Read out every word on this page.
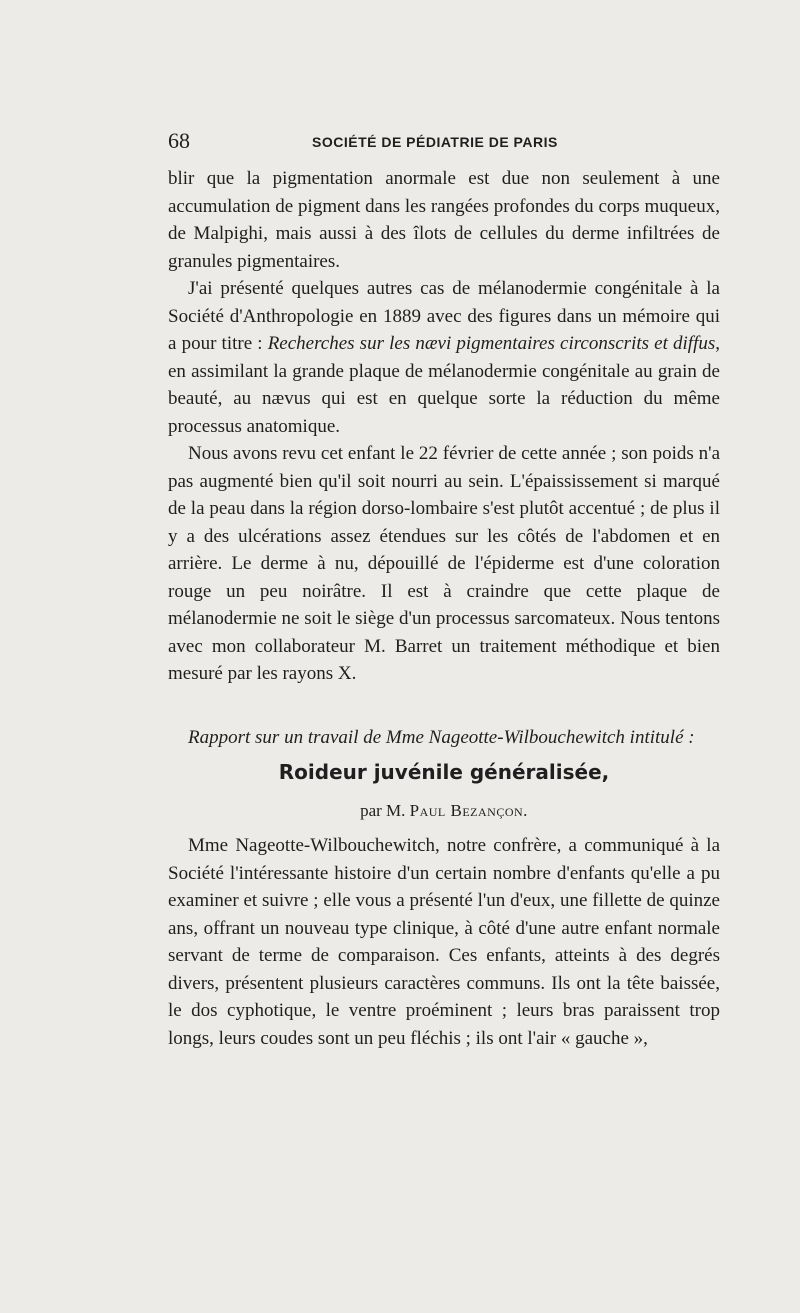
68	SOCIÉTÉ DE PÉDIATRIE DE PARIS

blir que la pigmentation anormale est due non seulement à une accumulation de pigment dans les rangées profondes du corps muqueux, de Malpighi, mais aussi à des îlots de cellules du derme infiltrées de granules pigmentaires.

J'ai présenté quelques autres cas de mélanodermie congénitale à la Société d'Anthropologie en 1889 avec des figures dans un mémoire qui a pour titre : Recherches sur les nævi pigmentaires circonscrits et diffus, en assimilant la grande plaque de mélanodermie congénitale au grain de beauté, au nævus qui est en quelque sorte la réduction du même processus anatomique.

Nous avons revu cet enfant le 22 février de cette année ; son poids n'a pas augmenté bien qu'il soit nourri au sein. L'épaississement si marqué de la peau dans la région dorso-lombaire s'est plutôt accentué ; de plus il y a des ulcérations assez étendues sur les côtés de l'abdomen et en arrière. Le derme à nu, dépouillé de l'épiderme est d'une coloration rouge un peu noirâtre. Il est à craindre que cette plaque de mélanodermie ne soit le siège d'un processus sarcomateux. Nous tentons avec mon collaborateur M. Barret un traitement méthodique et bien mesuré par les rayons X.

Rapport sur un travail de Mme Nageotte-Wilbouchewitch intitulé :

Roideur juvénile généralisée,

par M. Paul Bezançon.

Mme Nageotte-Wilbouchewitch, notre confrère, a communiqué à la Société l'intéressante histoire d'un certain nombre d'enfants qu'elle a pu examiner et suivre ; elle vous a présenté l'un d'eux, une fillette de quinze ans, offrant un nouveau type clinique, à côté d'une autre enfant normale servant de terme de comparaison. Ces enfants, atteints à des degrés divers, présentent plusieurs caractères communs. Ils ont la tête baissée, le dos cyphotique, le ventre proéminent ; leurs bras paraissent trop longs, leurs coudes sont un peu fléchis ; ils ont l'air « gauche »,
